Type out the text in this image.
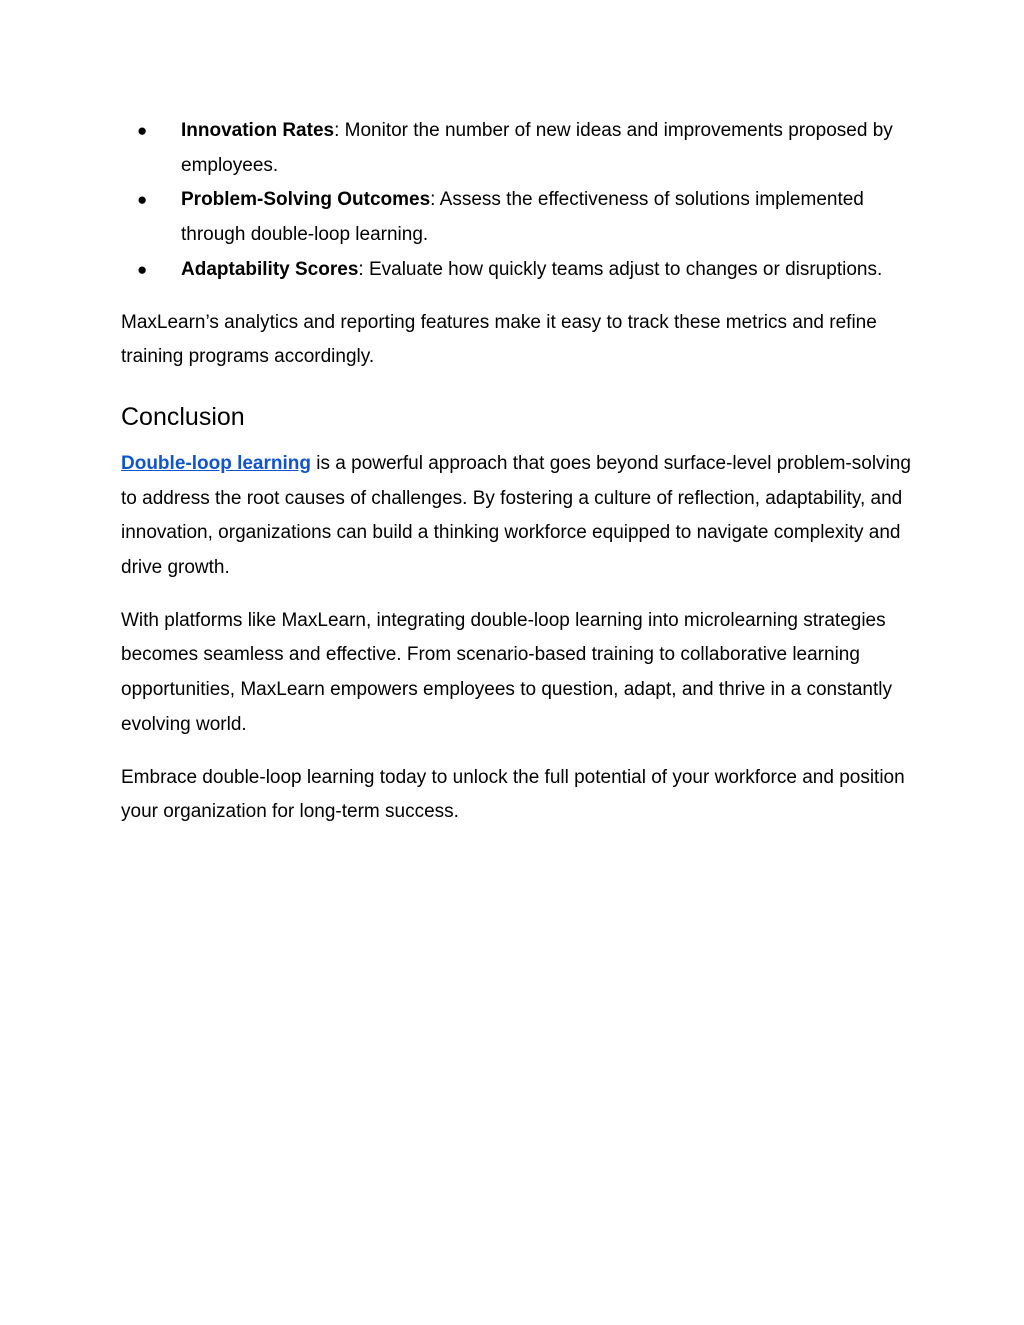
● Innovation Rates: Monitor the number of new ideas and improvements proposed by employees.
● Problem-Solving Outcomes: Assess the effectiveness of solutions implemented through double-loop learning.
● Adaptability Scores: Evaluate how quickly teams adjust to changes or disruptions.

MaxLearn’s analytics and reporting features make it easy to track these metrics and refine training programs accordingly.

Conclusion

Double-loop learning is a powerful approach that goes beyond surface-level problem-solving to address the root causes of challenges. By fostering a culture of reflection, adaptability, and innovation, organizations can build a thinking workforce equipped to navigate complexity and drive growth.

With platforms like MaxLearn, integrating double-loop learning into microlearning strategies becomes seamless and effective. From scenario-based training to collaborative learning opportunities, MaxLearn empowers employees to question, adapt, and thrive in a constantly evolving world.

Embrace double-loop learning today to unlock the full potential of your workforce and position your organization for long-term success.
